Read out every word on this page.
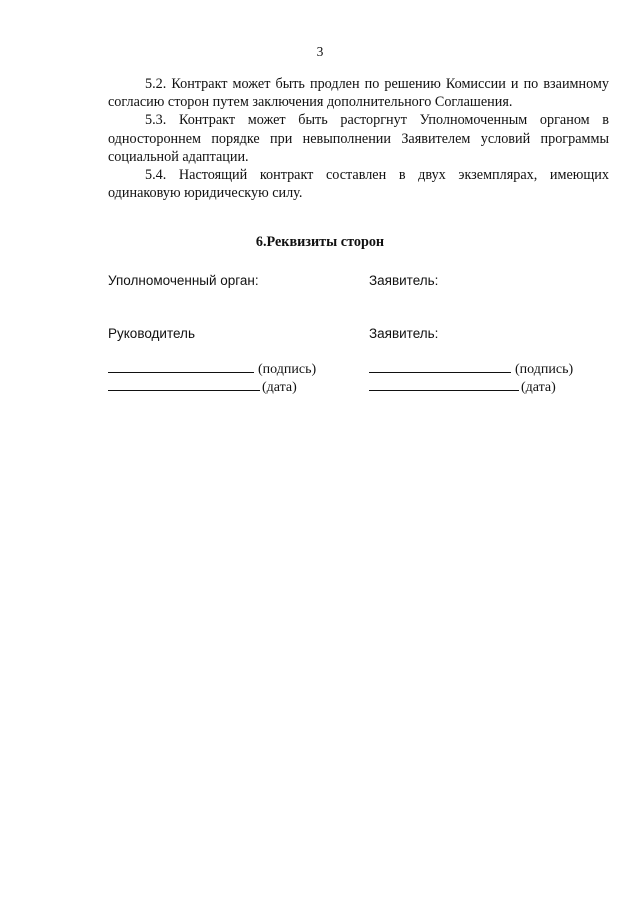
3

5.2. Контракт может быть продлен по решению Комиссии и по взаимному согласию сторон путем заключения дополнительного Соглашения.

5.3. Контракт может быть расторгнут Уполномоченным органом в одностороннем порядке при невыполнении Заявителем условий программы социальной адаптации.

5.4. Настоящий контракт составлен в двух экземплярах, имеющих одинаковую юридическую силу.

6.Реквизиты сторон
Уполномоченный орган:
Руководитель
(подпись)
(дата)
Заявитель:
Заявитель:
(подпись)
(дата)
